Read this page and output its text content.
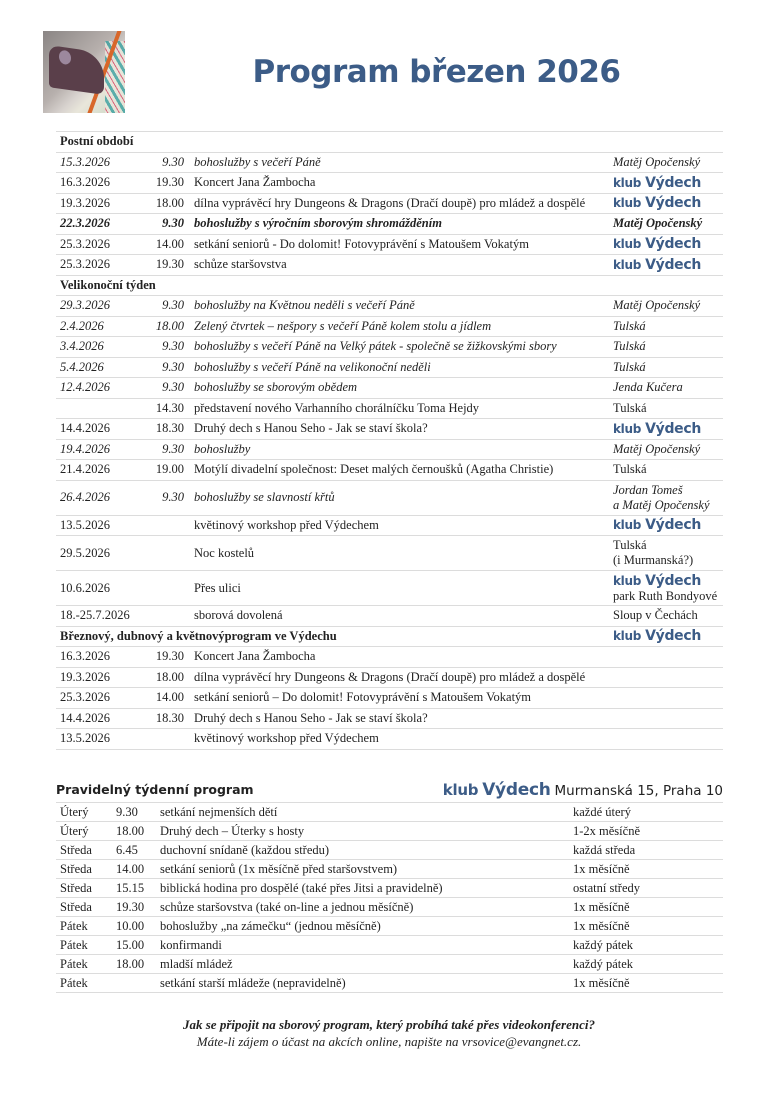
Program březen 2026
Postní období			
15.3.2026	9.30	bohoslužby s večeří Páně	Matěj Opočenský
16.3.2026	19.30	Koncert Jana Žambocha	klub Výdech
19.3.2026	18.00	dílna vyprávěcí hry Dungeons & Dragons (Dračí doupě) pro mládež a dospělé	klub Výdech
22.3.2026	9.30	bohoslužby s výročním sborovým shromážděním	Matěj Opočenský
25.3.2026	14.00	setkání seniorů - Do dolomit! Fotovyprávění s Matoušem Vokatým	klub Výdech
25.3.2026	19.30	schůze staršovstva	klub Výdech
Velikonoční týden			
29.3.2026	9.30	bohoslužby na Květnou neděli s večeří Páně	Matěj Opočenský
2.4.2026	18.00	Zelený čtvrtek – nešpory s večeří Páně kolem stolu a jídlem	Tulská
3.4.2026	9.30	bohoslužby s večeří Páně na Velký pátek - společně se žižkovskými sbory	Tulská
5.4.2026	9.30	bohoslužby s večeří Páně na velikonoční neděli	Tulská
12.4.2026	9.30	bohoslužby se sborovým obědem	Jenda Kučera
	14.30	představení nového Varhanního chorálníčku Toma Hejdy	Tulská
14.4.2026	18.30	Druhý dech s Hanou Seho - Jak se staví škola?	klub Výdech
19.4.2026	9.30	bohoslužby	Matěj Opočenský
21.4.2026	19.00	Motýlí divadelní společnost: Deset malých černoušků (Agatha Christie)	Tulská
26.4.2026	9.30	bohoslužby se slavností křtů	Jordan Tomeš
a Matěj Opočenský

13.5.2026		květinový workshop před Výdechem	klub Výdech
29.5.2026		Noc kostelů	Tulská
(i Murmanská?)

10.6.2026		Přes ulici	klub Výdech
park Ruth Bondyové

18.-25.7.2026		sborová dovolená	Sloup v Čechách
Březnový, dubnový a květnovýprogram ve Výdechu			klub Výdech
16.3.2026	19.30	Koncert Jana Žambocha	
19.3.2026	18.00	dílna vyprávěcí hry Dungeons & Dragons (Dračí doupě) pro mládež a dospělé	
25.3.2026	14.00	setkání seniorů – Do dolomit! Fotovyprávění s Matoušem Vokatým	
14.4.2026	18.30	Druhý dech s Hanou Seho - Jak se staví škola?	
13.5.2026		květinový workshop před Výdechem	
Pravidelný týdenní program	klub Výdech Murmanská 15, Praha 10
Úterý	9.30	setkání nejmenších dětí	každé úterý
Úterý	18.00	Druhý dech – Úterky s hosty	1-2x měsíčně
Středa	6.45	duchovní snídaně (každou středu)	každá středa
Středa	14.00	setkání seniorů (1x měsíčně před staršovstvem)	1x měsíčně
Středa	15.15	biblická hodina pro dospělé (také přes Jitsi a pravidelně)	ostatní středy
Středa	19.30	schůze staršovstva (také on-line a jednou měsíčně)	1x měsíčně
Pátek	10.00	bohoslužby „na zámečku“ (jednou měsíčně)	1x měsíčně
Pátek	15.00	konfirmandi	každý pátek
Pátek	18.00	mladší mládež	každý pátek
Pátek		setkání starší mládeže (nepravidelně)	1x měsíčně
Jak se připojit na sborový program, který probíhá také přes videokonferenci?
Máte-li zájem o účast na akcích online, napište na vrsovice@evangnet.cz.
